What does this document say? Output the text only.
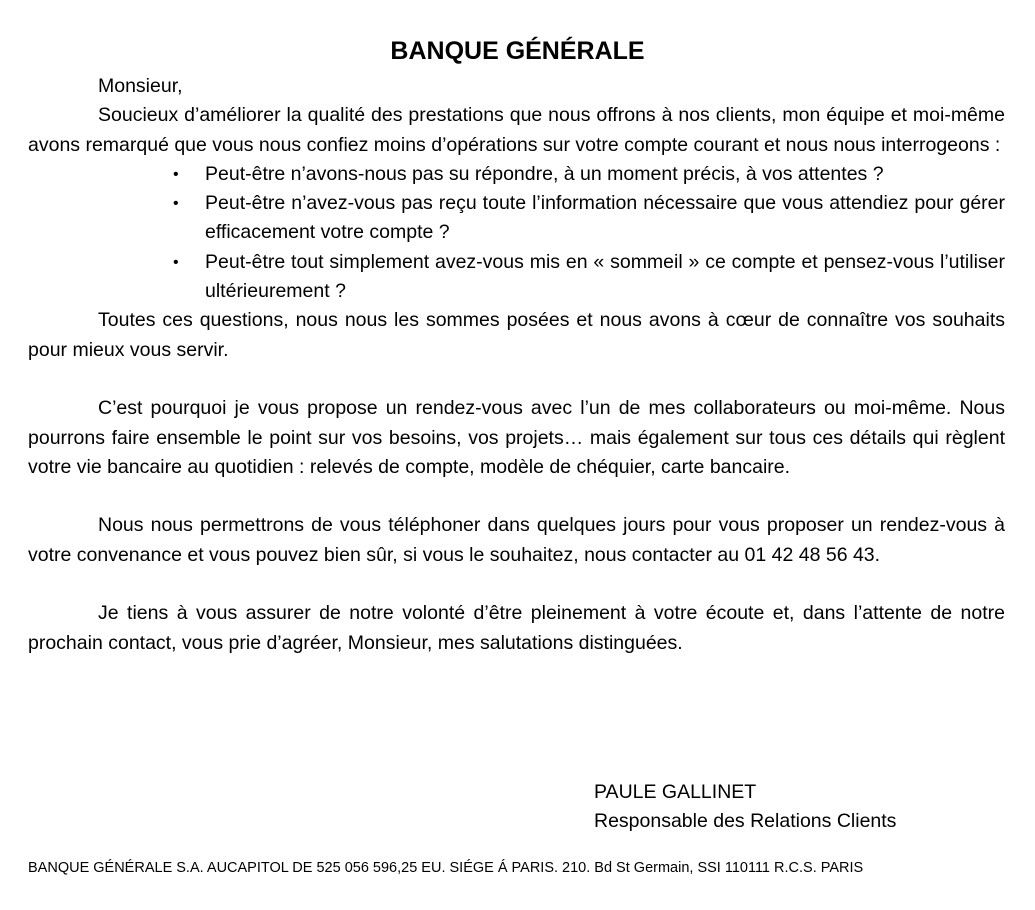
BANQUE GÉNÉRALE

Monsieur,

Soucieux d’améliorer la qualité des prestations que nous offrons à nos clients, mon équipe et moi-même avons remarqué que vous nous confiez moins d’opérations sur votre compte courant et nous nous interrogeons :

• Peut-être n’avons-nous pas su répondre, à un moment précis, à vos attentes ?
• Peut-être n’avez-vous pas reçu toute l’information nécessaire que vous attendiez pour gérer efficacement votre compte ?
• Peut-être tout simplement avez-vous mis en « sommeil » ce compte et pensez-vous l’utiliser ultérieurement ?

Toutes ces questions, nous nous les sommes posées et nous avons à cœur de connaître vos souhaits pour mieux vous servir.

C’est pourquoi je vous propose un rendez-vous avec l’un de mes collaborateurs ou moi-même. Nous pourrons faire ensemble le point sur vos besoins, vos projets… mais également sur tous ces détails qui règlent votre vie bancaire au quotidien : relevés de compte, modèle de chéquier, carte bancaire.

Nous nous permettrons de vous téléphoner dans quelques jours pour vous proposer un rendez-vous à votre convenance et vous pouvez bien sûr, si vous le souhaitez, nous contacter au 01 42 48 56 43.

Je tiens à vous assurer de notre volonté d’être pleinement à votre écoute et, dans l’attente de notre prochain contact, vous prie d’agréer, Monsieur, mes salutations distinguées.

PAULE GALLINET
Responsable des Relations Clients
BANQUE GÉNÉRALE S.A. AUCAPITOL DE 525 056 596,25 EU. SIÉGE Á PARIS. 210. Bd St Germain, SSI 110111 R.C.S. PARIS
